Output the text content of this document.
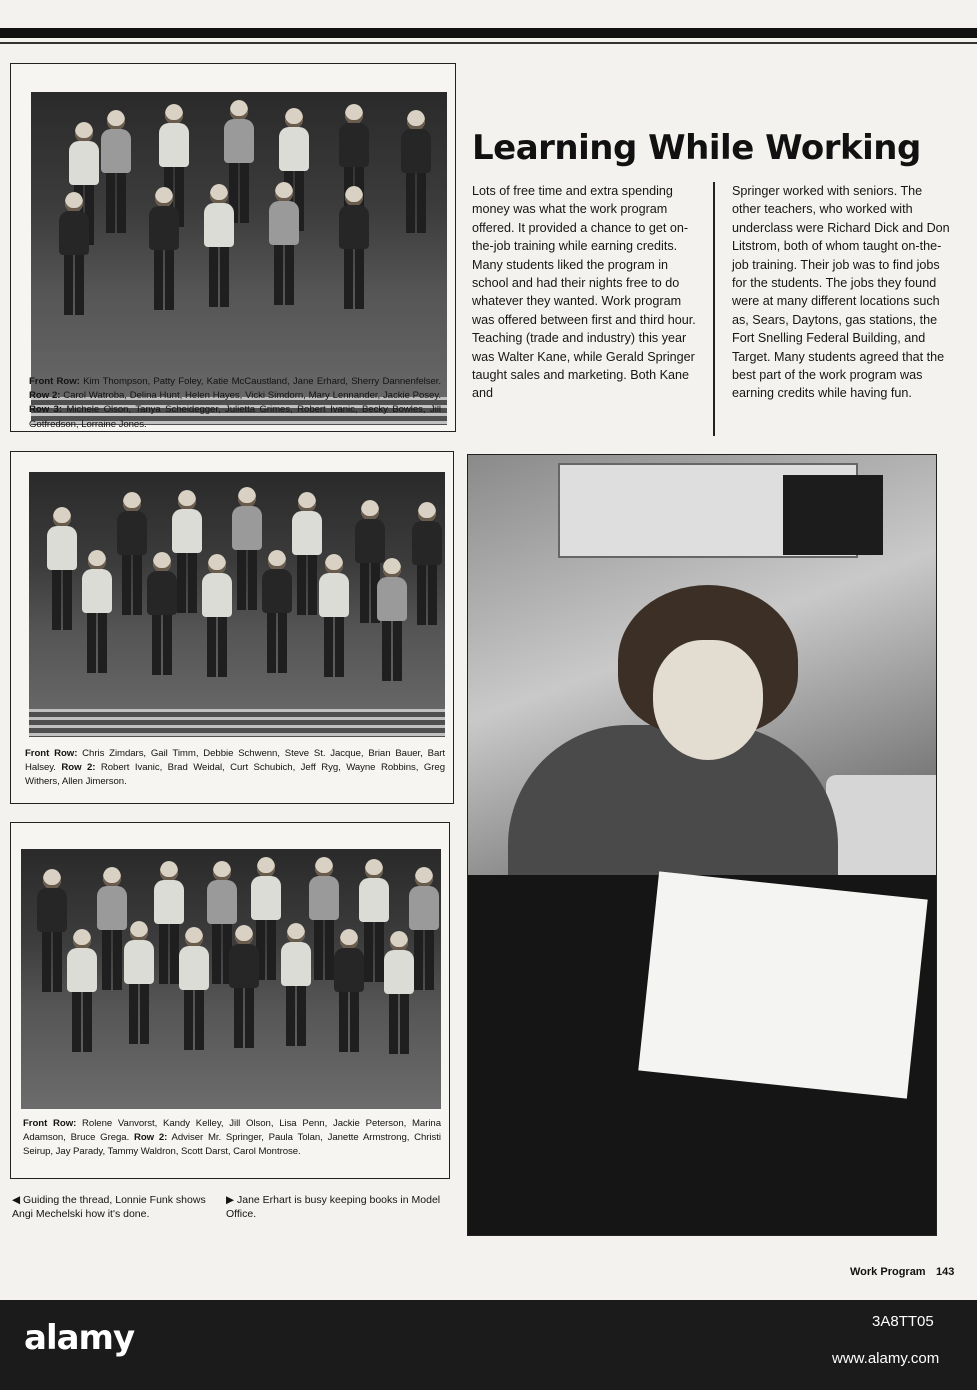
Front Row: Kim Thompson, Patty Foley, Katie McCaustland, Jane Erhard, Sherry Dannenfelser. Row 2: Carol Watroba, Delina Hunt, Helen Hayes, Vicki Simdorn, Mary Lennander, Jackie Posey. Row 3: Michele Olson, Tanya Scheidegger, Julietta Grimes, Robert Ivanic, Becky Bowles, Jill Gotfredson, Lorraine Jones.
Front Row: Chris Zimdars, Gail Timm, Debbie Schwenn, Steve St. Jacque, Brian Bauer, Bart Halsey. Row 2: Robert Ivanic, Brad Weidal, Curt Schubich, Jeff Ryg, Wayne Robbins, Greg Withers, Allen Jimerson.
Front Row: Rolene Vanvorst, Kandy Kelley, Jill Olson, Lisa Penn, Jackie Peterson, Marina Adamson, Bruce Grega. Row 2: Adviser Mr. Springer, Paula Tolan, Janette Armstrong, Christi Seirup, Jay Parady, Tammy Waldron, Scott Darst, Carol Montrose.
◀ Guiding the thread, Lonnie Funk shows Angi Mechelski how it's done.
▶ Jane Erhart is busy keeping books in Model Office.
Learning While Working
Lots of free time and extra spending money was what the work program offered. It provided a chance to get on-the-job training while earning credits. Many students liked the program in school and had their nights free to do whatever they wanted. Work program was offered between first and third hour. Teaching (trade and industry) this year was Walter Kane, while Gerald Springer taught sales and marketing. Both Kane and
Springer worked with seniors. The other teachers, who worked with underclass were Richard Dick and Don Litstrom, both of whom taught on-the-job training. Their job was to find jobs for the students. The jobs they found were at many different locations such as, Sears, Daytons, gas stations, the Fort Snelling Federal Building, and Target. Many students agreed that the best part of the work program was earning credits while having fun.
Work Program 143
alamy	3A8TT05
www.alamy.com
